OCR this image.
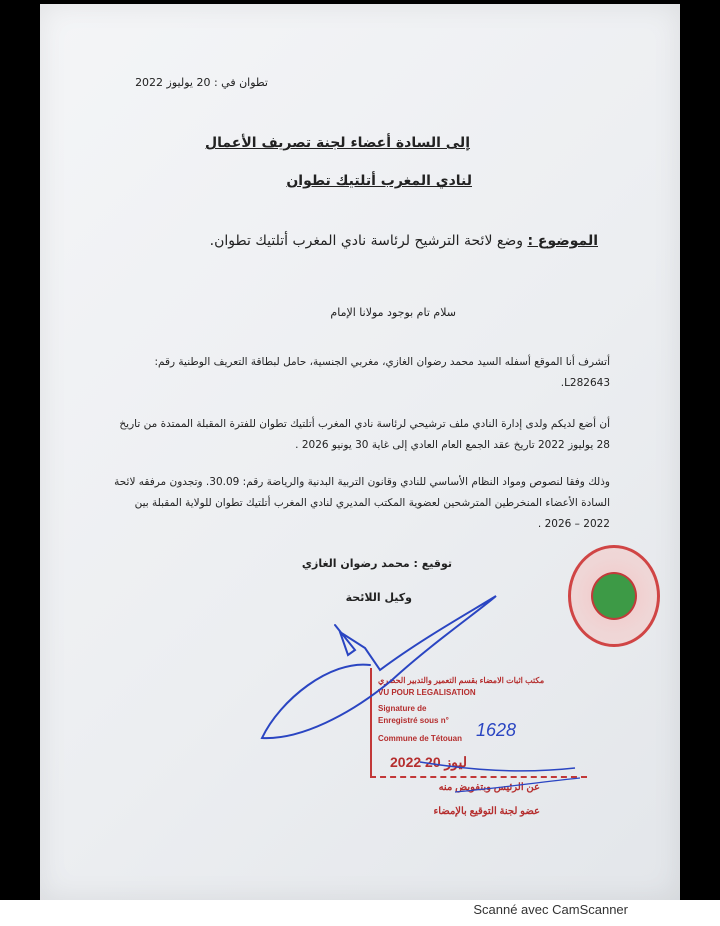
تطوان في : 20 يوليوز 2022
إلى السادة أعضاء لجنة تصريف الأعمال
لنادي المغرب أتلتيك تطوان
الموضوع : وضع لائحة الترشيح لرئاسة نادي المغرب أتلتيك تطوان.
سلام تام بوجود مولانا الإمام
أتشرف أنا الموقع أسفله السيد محمد رضوان الغازي، مغربي الجنسية، حامل لبطاقة التعريف الوطنية رقم: L282643.
أن أضع لديكم ولدى إدارة النادي ملف ترشيحي لرئاسة نادي المغرب أتلتيك تطوان للفترة المقبلة الممتدة من تاريخ 28 يوليوز 2022 تاريخ عقد الجمع العام العادي إلى غاية 30 يونيو 2026 .
وذلك وفقا لنصوص ومواد النظام الأساسي للنادي وقانون التربية البدنية والرياضة رقم: 30.09. وتجدون مرفقه لائحة السادة الأعضاء المنخرطين المترشحين لعضوية المكتب المديري لنادي المغرب أتلتيك تطوان للولاية المقبلة بين 2022 – 2026 .
توقيع : محمد رضوان الغازي
وكيل اللائحة
مكتب اثبات الامضاء بقسم التعمير والتدبير الحضري
VU POUR LEGALISATION
Signature de
Enregistré sous n°
Commune de Tétouan 1628
2022 ليوز 20
عن الرئيس وبتفويض منه
عضو لجنة التوقيع بالإمضاء
Scanné avec CamScanner
